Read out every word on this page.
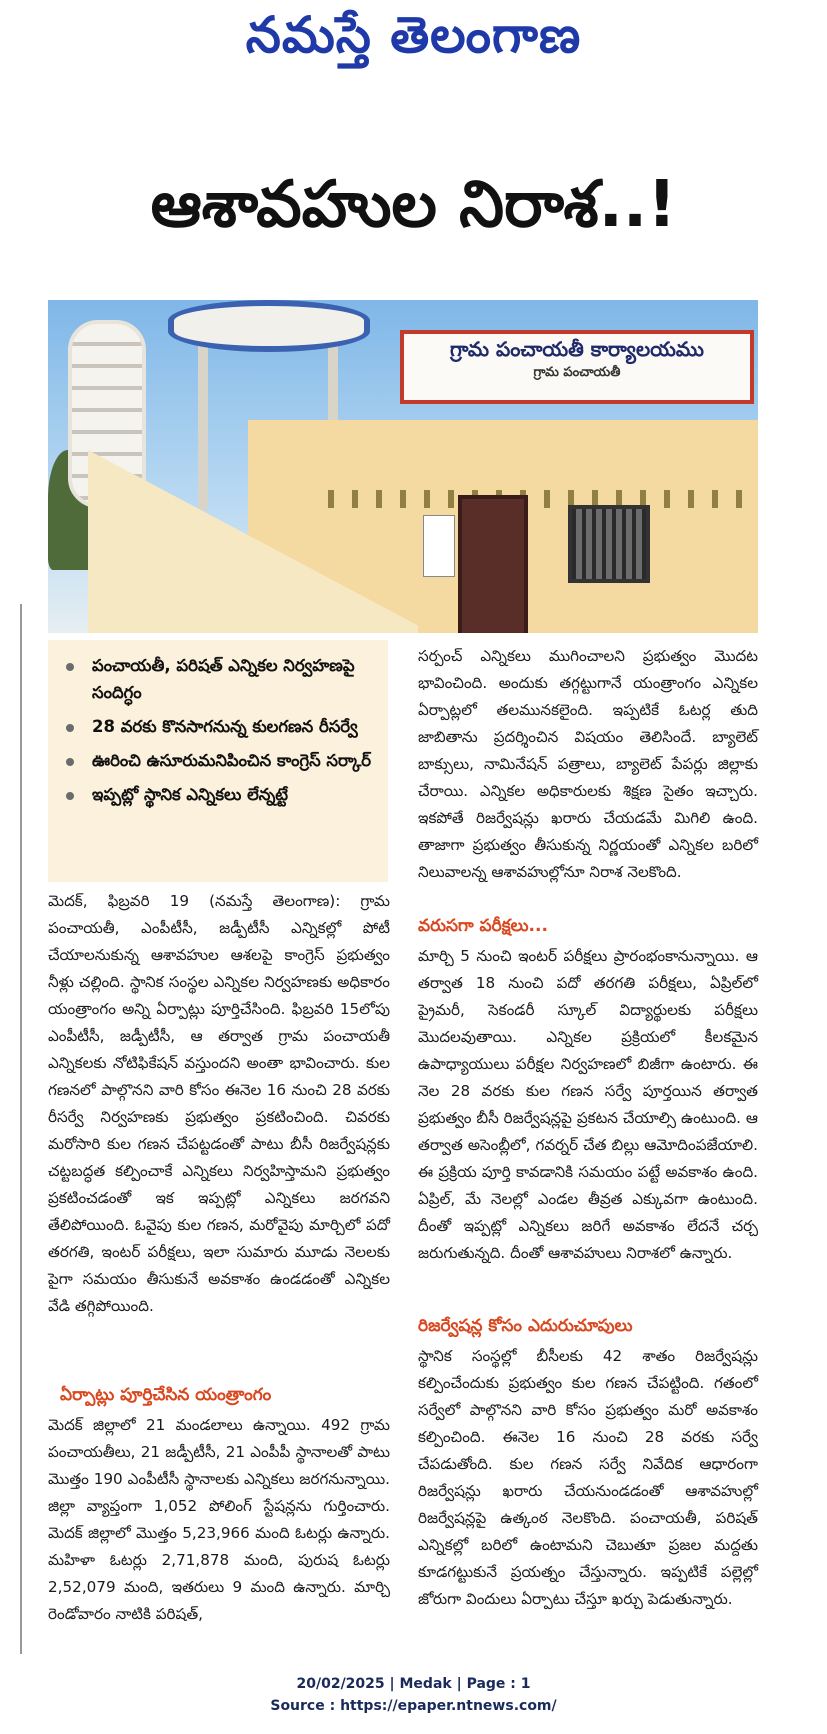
నమస్తే తెలంగాణ
ఆశావహుల నిరాశ..!
గ్రామ పంచాయతీ కార్యాలయము
గ్రామ పంచాయతీ
పంచాయతీ, పరిషత్ ఎన్నికల నిర్వహణపై సందిగ్ధం
28 వరకు కొనసాగనున్న కులగణన రీసర్వే
ఊరించి ఉసూరుమనిపించిన కాంగ్రెస్ సర్కార్
ఇప్పట్లో స్థానిక ఎన్నికలు లేన్నట్టే
మెదక్, ఫిబ్రవరి 19 (నమస్తే తెలంగాణ): గ్రామ పంచాయతీ, ఎంపీటీసీ, జడ్పీటీసీ ఎన్నికల్లో పోటీ చేయాలనుకున్న ఆశావహుల ఆశలపై కాంగ్రెస్ ప్రభుత్వం నీళ్లు చల్లింది. స్థానిక సంస్థల ఎన్నికల నిర్వహణకు అధికారం యంత్రాంగం అన్ని ఏర్పాట్లు పూర్తిచేసింది. ఫిబ్రవరి 15లోపు ఎంపీటీసీ, జడ్పీటీసీ, ఆ తర్వాత గ్రామ పంచాయతీ ఎన్నికలకు నోటిఫికేషన్ వస్తుందని అంతా భావించారు. కుల గణనలో పాల్గొనని వారి కోసం ఈనెల 16 నుంచి 28 వరకు రీసర్వే నిర్వహణకు ప్రభుత్వం ప్రకటించింది. చివరకు మరోసారి కుల గణన చేపట్టడంతో పాటు బీసీ రిజర్వేషన్లకు చట్టబద్ధత కల్పించాకే ఎన్నికలు నిర్వహిస్తామని ప్రభుత్వం ప్రకటించడంతో ఇక ఇప్పట్లో ఎన్నికలు జరగవని తేలిపోయింది. ఓవైపు కుల గణన, మరోవైపు మార్చిలో పదో తరగతి, ఇంటర్ పరీక్షలు, ఇలా సుమారు మూడు నెలలకు పైగా సమయం తీసుకునే అవకాశం ఉండడంతో ఎన్నికల వేడి తగ్గిపోయింది.
ఏర్పాట్లు పూర్తిచేసిన యంత్రాంగం
మెదక్ జిల్లాలో 21 మండలాలు ఉన్నాయి. 492 గ్రామ పంచాయతీలు, 21 జడ్పీటీసీ, 21 ఎంపీపీ స్థానాలతో పాటు మొత్తం 190 ఎంపీటీసీ స్థానాలకు ఎన్నికలు జరగనున్నాయి. జిల్లా వ్యాప్తంగా 1,052 పోలింగ్ స్టేషన్లను గుర్తించారు. మెదక్ జిల్లాలో మొత్తం 5,23,966 మంది ఓటర్లు ఉన్నారు. మహిళా ఓటర్లు 2,71,878 మంది, పురుష ఓటర్లు 2,52,079 మంది, ఇతరులు 9 మంది ఉన్నారు. మార్చి రెండోవారం నాటికి పరిషత్,
సర్పంచ్ ఎన్నికలు ముగించాలని ప్రభుత్వం మొదట భావించింది. అందుకు తగ్గట్టుగానే యంత్రాంగం ఎన్నికల ఏర్పాట్లలో తలమునకలైంది. ఇప్పటికే ఓటర్ల తుది జాబితాను ప్రదర్శించిన విషయం తెలిసిందే. బ్యాలెట్ బాక్సులు, నామినేషన్ పత్రాలు, బ్యాలెట్ పేపర్లు జిల్లాకు చేరాయి. ఎన్నికల అధికారులకు శిక్షణ సైతం ఇచ్చారు. ఇకపోతే రిజర్వేషన్లు ఖరారు చేయడమే మిగిలి ఉంది. తాజాగా ప్రభుత్వం తీసుకున్న నిర్ణయంతో ఎన్నికల బరిలో నిలువాలన్న ఆశావహుల్లోనూ నిరాశ నెలకొంది.
వరుసగా పరీక్షలు...
మార్చి 5 నుంచి ఇంటర్ పరీక్షలు ప్రారంభంకానున్నాయి. ఆ తర్వాత 18 నుంచి పదో తరగతి పరీక్షలు, ఏప్రిల్‌లో ప్రైమరీ, సెకండరీ స్కూల్ విద్యార్థులకు పరీక్షలు మొదలవుతాయి. ఎన్నికల ప్రక్రియలో కీలకమైన ఉపాధ్యాయులు పరీక్షల నిర్వహణలో బిజీగా ఉంటారు. ఈ నెల 28 వరకు కుల గణన సర్వే పూర్తయిన తర్వాత ప్రభుత్వం బీసీ రిజర్వేషన్లపై ప్రకటన చేయాల్సి ఉంటుంది. ఆ తర్వాత అసెంబ్లీలో, గవర్నర్ చేత బిల్లు ఆమోదింపజేయాలి. ఈ ప్రక్రియ పూర్తి కావడానికి సమయం పట్టే అవకాశం ఉంది. ఏప్రిల్, మే నెలల్లో ఎండల తీవ్రత ఎక్కువగా ఉంటుంది. దీంతో ఇప్పట్లో ఎన్నికలు జరిగే అవకాశం లేదనే చర్చ జరుగుతున్నది. దీంతో ఆశావహులు నిరాశలో ఉన్నారు.
రిజర్వేషన్ల కోసం ఎదురుచూపులు
స్థానిక సంస్థల్లో బీసీలకు 42 శాతం రిజర్వేషన్లు కల్పించేందుకు ప్రభుత్వం కుల గణన చేపట్టింది. గతంలో సర్వేలో పాల్గొనని వారి కోసం ప్రభుత్వం మరో అవకాశం కల్పించింది. ఈనెల 16 నుంచి 28 వరకు సర్వే చేపడుతోంది. కుల గణన సర్వే నివేదిక ఆధారంగా రిజర్వేషన్లు ఖరారు చేయనుండడంతో ఆశావహుల్లో రిజర్వేషన్లపై ఉత్కంఠ నెలకొంది. పంచాయతీ, పరిషత్ ఎన్నికల్లో బరిలో ఉంటామని చెబుతూ ప్రజల మద్దతు కూడగట్టుకునే ప్రయత్నం చేస్తున్నారు. ఇప్పటికే పల్లెల్లో జోరుగా విందులు ఏర్పాటు చేస్తూ ఖర్చు పెడుతున్నారు.
20/02/2025 | Medak | Page : 1
Source : https://epaper.ntnews.com/
